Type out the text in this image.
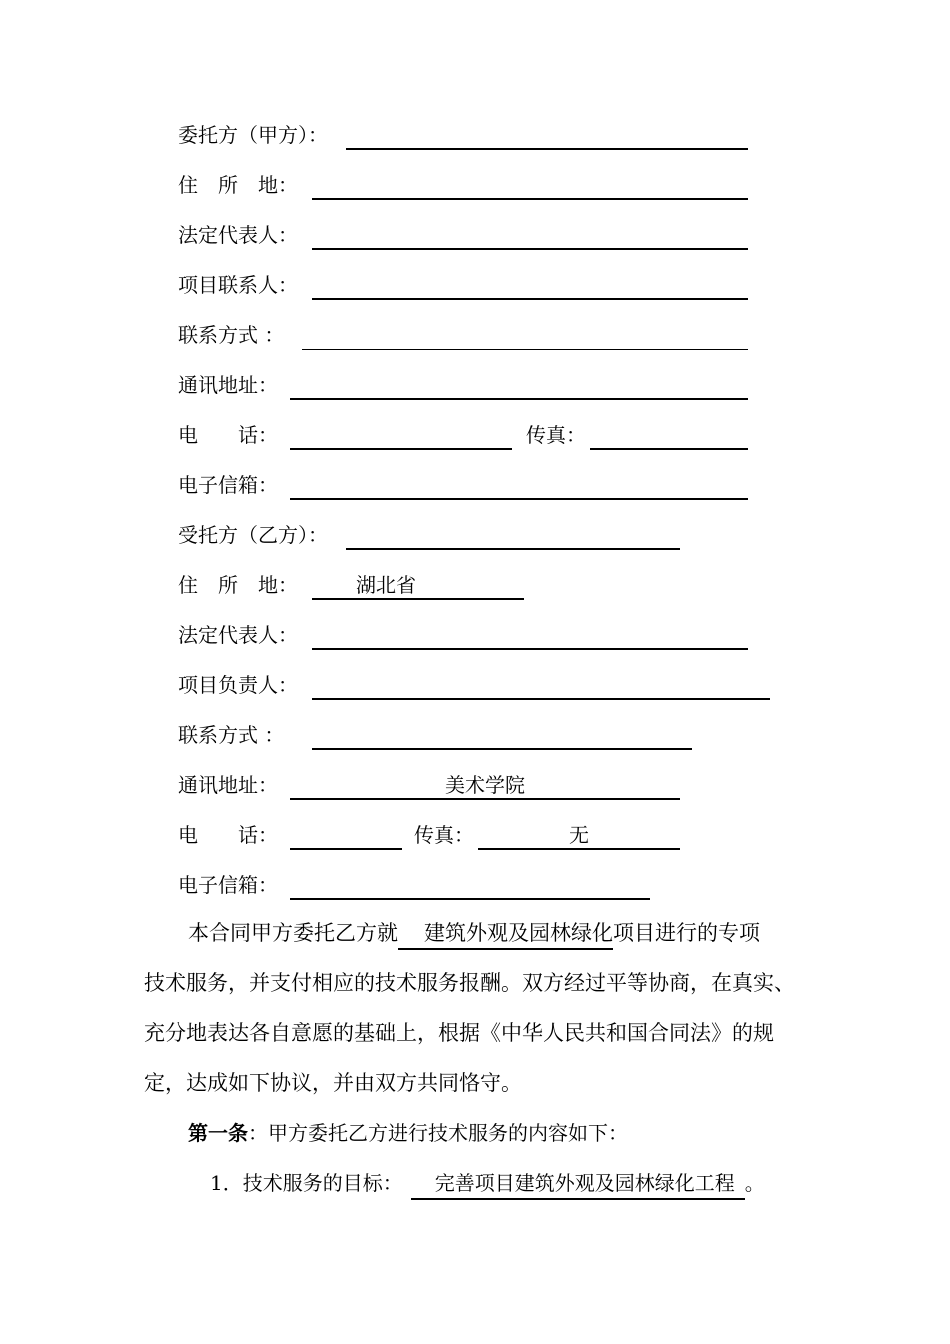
委托方（甲方）：
住　所　地：
法定代表人：
项目联系人：
联系方式 ：
通讯地址：
电　　话：	传真：
电子信箱：
受托方（乙方）：
住　所　地：	湖北省
法定代表人：
项目负责人：
联系方式 ：
通讯地址：	美术学院
电　　话：	传真：	无
电子信箱：
本合同甲方委托乙方就 建筑外观及园林绿化项目进行的专项
技术服务，并支付相应的技术服务报酬。双方经过平等协商，在真实、
充分地表达各自意愿的基础上，根据《中华人民共和国合同法》的规
定，达成如下协议，并由双方共同恪守。
第一条：甲方委托乙方进行技术服务的内容如下：
1．技术服务的目标： 完善项目建筑外观及园林绿化工程 。
